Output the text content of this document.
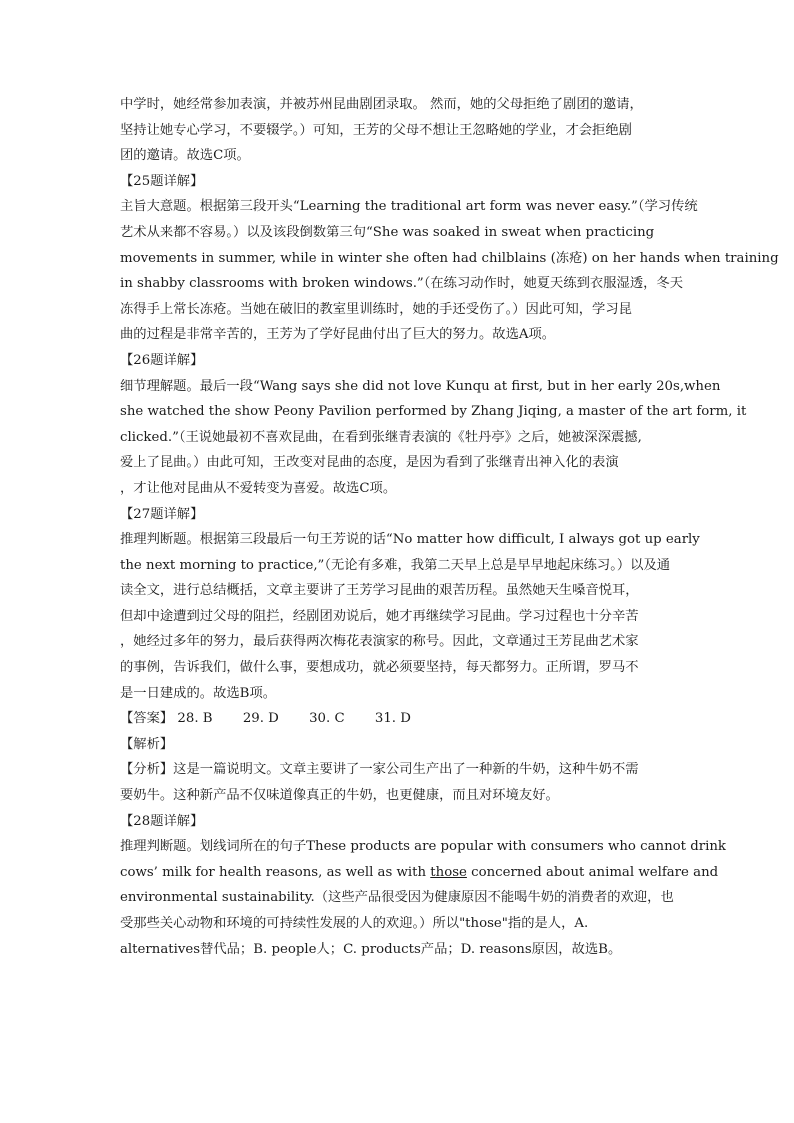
中学时，她经常参加表演，并被苏州昆曲剧团录取。 然而，她的父母拒绝了剧团的邀请，
坚持让她专心学习，不要辍学。）可知，王芳的父母不想让王忽略她的学业，才会拒绝剧
团的邀请。故选C项。
【25题详解】
主旨大意题。根据第三段开头“Learning the traditional art form was never easy.”（学习传统
艺术从来都不容易。）以及该段倒数第三句“She was soaked in sweat when practicing
movements in summer, while in winter she often had chilblains (冻疮) on her hands when training
in shabby classrooms with broken windows.”（在练习动作时，她夏天练到衣服湿透，冬天
冻得手上常长冻疮。当她在破旧的教室里训练时，她的手还受伤了。）因此可知，学习昆
曲的过程是非常辛苦的，王芳为了学好昆曲付出了巨大的努力。故选A项。
【26题详解】
细节理解题。最后一段“Wang says she did not love Kunqu at first, but in her early 20s,when
she watched the show Peony Pavilion performed by Zhang Jiqing, a master of the art form, it
clicked.”（王说她最初不喜欢昆曲，在看到张继青表演的《牡丹亭》之后，她被深深震撼,
爱上了昆曲。）由此可知，王改变对昆曲的态度，是因为看到了张继青出神入化的表演
，才让他对昆曲从不爱转变为喜爱。故选C项。
【27题详解】
推理判断题。根据第三段最后一句王芳说的话“No matter how difficult, I always got up early
the next morning to practice,”（无论有多难，我第二天早上总是早早地起床练习。）以及通
读全文，进行总结概括，文章主要讲了王芳学习昆曲的艰苦历程。虽然她天生嗓音悦耳，
但却中途遭到过父母的阻拦，经剧团劝说后，她才再继续学习昆曲。学习过程也十分辛苦
，她经过多年的努力，最后获得两次梅花表演家的称号。因此，文章通过王芳昆曲艺术家
的事例，告诉我们，做什么事，要想成功，就必须要坚持，每天都努力。正所谓，罗马不
是一日建成的。故选B项。
【答案】 28. B 29. D 30. C 31. D
【解析】
【分析】这是一篇说明文。文章主要讲了一家公司生产出了一种新的牛奶，这种牛奶不需
要奶牛。这种新产品不仅味道像真正的牛奶，也更健康，而且对环境友好。
【28题详解】
推理判断题。划线词所在的句子These products are popular with consumers who cannot drink
cows’ milk for health reasons, as well as with those concerned about animal welfare and
environmental sustainability.（这些产品很受因为健康原因不能喝牛奶的消费者的欢迎，也
受那些关心动物和环境的可持续性发展的人的欢迎。）所以"those"指的是人，A.
alternatives替代品；B. people人；C. products产品；D. reasons原因，故选B。
